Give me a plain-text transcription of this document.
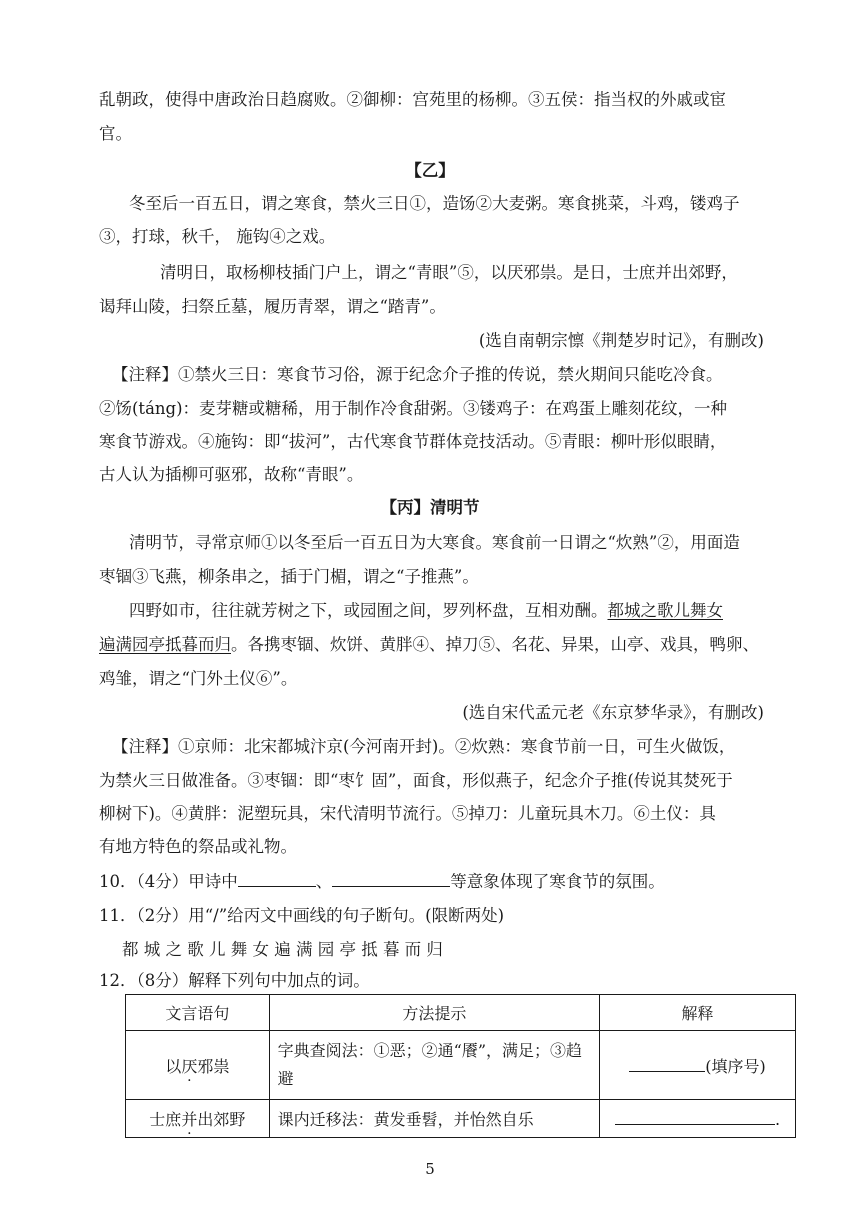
乱朝政，使得中唐政治日趋腐败。②御柳：宫苑里的杨柳。③五侯：指当权的外戚或宦
官。
【乙】
冬至后一百五日，谓之寒食，禁火三日①，造饧②大麦粥。寒食挑菜，斗鸡，镂鸡子
③，打球，秋千， 施钩④之戏。
清明日，取杨柳枝插门户上，谓之“青眼”⑤，以厌邪祟。是日，士庶并出郊野，
谒拜山陵，扫祭丘墓，履历青翠，谓之“踏青”。
(选自南朝宗懔《荆楚岁时记》，有删改)
【注释】①禁火三日：寒食节习俗，源于纪念介子推的传说，禁火期间只能吃冷食。
②饧(táng)：麦芽糖或糖稀，用于制作冷食甜粥。③镂鸡子：在鸡蛋上雕刻花纹，一种
寒食节游戏。④施钩：即“拔河”，古代寒食节群体竞技活动。⑤青眼：柳叶形似眼睛，
古人认为插柳可驱邪，故称“青眼”。
【丙】清明节
清明节，寻常京师①以冬至后一百五日为大寒食。寒食前一日谓之“炊熟”②，用面造
枣锢③飞燕，柳条串之，插于门楣，谓之“子推燕”。
四野如市，往往就芳树之下，或园囿之间，罗列杯盘，互相劝酬。都城之歌儿舞女
遍满园亭抵暮而归。各携枣锢、炊饼、黄胖④、掉刀⑤、名花、异果，山亭、戏具，鸭卵、
鸡雏，谓之“门外土仪⑥”。
(选自宋代孟元老《东京梦华录》，有删改)
【注释】①京师：北宋都城汴京(今河南开封)。②炊熟：寒食节前一日，可生火做饭，
为禁火三日做准备。③枣锢：即“枣饣固”，面食，形似燕子，纪念介子推(传说其焚死于
柳树下)。④黄胖：泥塑玩具，宋代清明节流行。⑤掉刀：儿童玩具木刀。⑥土仪：具
有地方特色的祭品或礼物。
10．（4分）甲诗中	、	等意象体现了寒食节的氛围。
11．（2分）用“/”给丙文中画线的句子断句。(限断两处)
都 城 之 歌 儿 舞 女 遍 满 园 亭 抵 暮 而 归
12．（8分）解释下列句中加点的词。
文言语句	方法提示	解释
以厌邪祟	字典查阅法：①恶；②通“餍”，满足；③趋避	(填序号)
士庶并出郊野	课内迁移法：黄发垂髫，并怡然自乐	.
5
